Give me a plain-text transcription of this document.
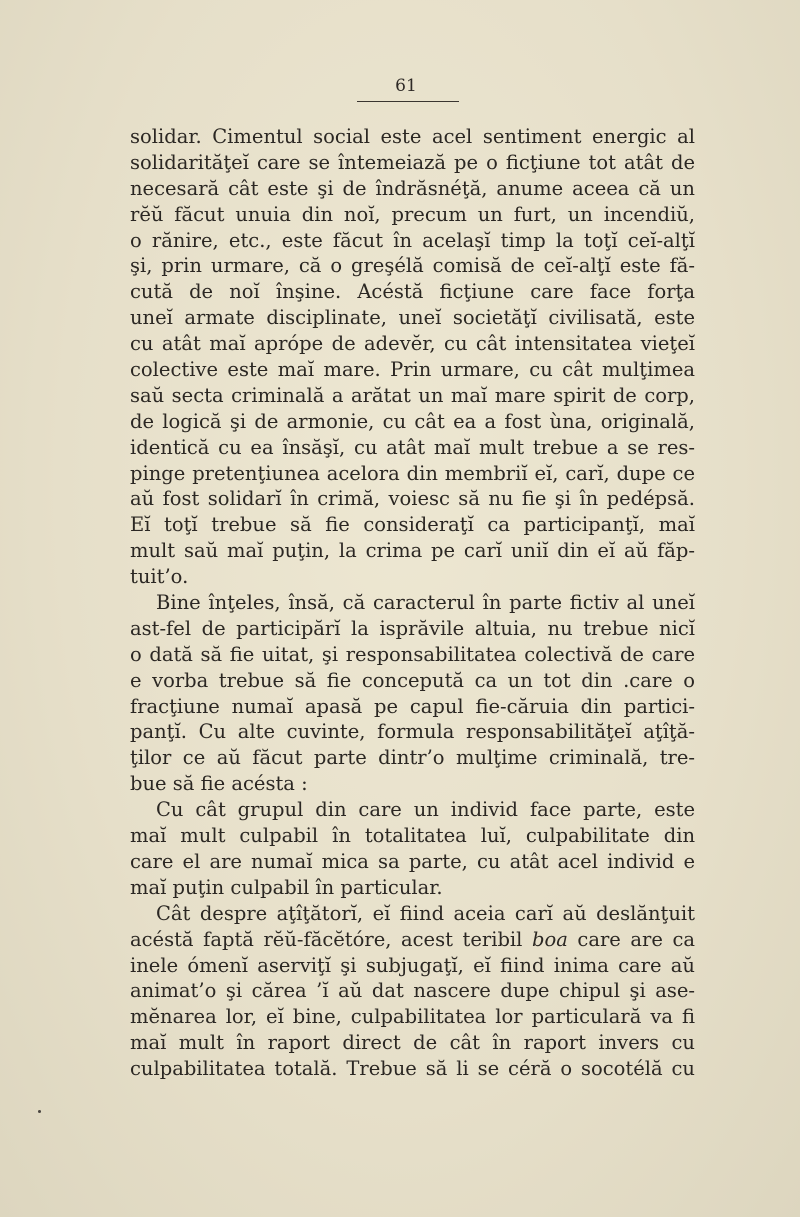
61
solidar. Cimentul social este acel sentiment energic al
solidarităţeĭ care se întemeiază pe o ficţiune tot atât de
necesară cât este şi de îndrăsnéţă, anume aceea că un
rĕŭ făcut unuia din noĭ, precum un furt, un incendiŭ,
o rănire, etc., este făcut în acelaşĭ timp la toţĭ ceĭ-alţĭ
şi, prin urmare, că o greşélă comisă de ceĭ-alţĭ este fă-
cută de noĭ înşine. Acéstă ficţiune care face forţa
uneĭ armate disciplinate, uneĭ societăţĭ civilisată, este
cu atât maĭ aprópe de adevĕr, cu cât intensitatea vieţeĭ
colective este maĭ mare. Prin urmare, cu cât mulţimea
saŭ secta criminală a arătat un maĭ mare spirit de corp,
de logică şi de armonie, cu cât ea a fost ùna, originală,
identică cu ea însăşĭ, cu atât maĭ mult trebue a se res-
pinge pretenţiunea acelora din membriĭ eĭ, carĭ, dupe ce
aŭ fost solidarĭ în crimă, voiesc să nu fie şi în pedépsă.
Eĭ toţĭ trebue să fie consideraţĭ ca participanţĭ, maĭ
mult saŭ maĭ puţin, la crima pe carĭ uniĭ din eĭ aŭ făp-
tuit’o.
Bine înţeles, însă, că caracterul în parte fictiv al uneĭ
ast-fel de participărĭ la isprăvile altuia, nu trebue nicĭ
o dată să fie uitat, şi responsabilitatea colectivă de care
e vorba trebue să fie concepută ca un tot din .care o
fracţiune numaĭ apasă pe capul fie-căruia din partici-
panţĭ. Cu alte cuvinte, formula responsabilităţeĭ aţîţă-
ţilor ce aŭ făcut parte dintr’o mulţime criminală, tre-
bue să fie acésta :
Cu cât grupul din care un individ face parte, este
maĭ mult culpabil în totalitatea luĭ, culpabilitate din
care el are numaĭ mica sa parte, cu atât acel individ e
maĭ puţin culpabil în particular.
Cât despre aţîţătorĭ, eĭ fiind aceia carĭ aŭ deslănţuit
acéstă faptă rĕŭ-făcĕtóre, acest teribil boa care are ca
inele ómenĭ aserviţĭ şi subjugaţĭ, eĭ fiind inima care aŭ
animat’o şi cărea ’ĭ aŭ dat nascere dupe chipul şi ase-
mĕnarea lor, eĭ bine, culpabilitatea lor particulară va fi
maĭ mult în raport direct de cât în raport invers cu
culpabilitatea totală. Trebue să li se céră o socotélă cu
